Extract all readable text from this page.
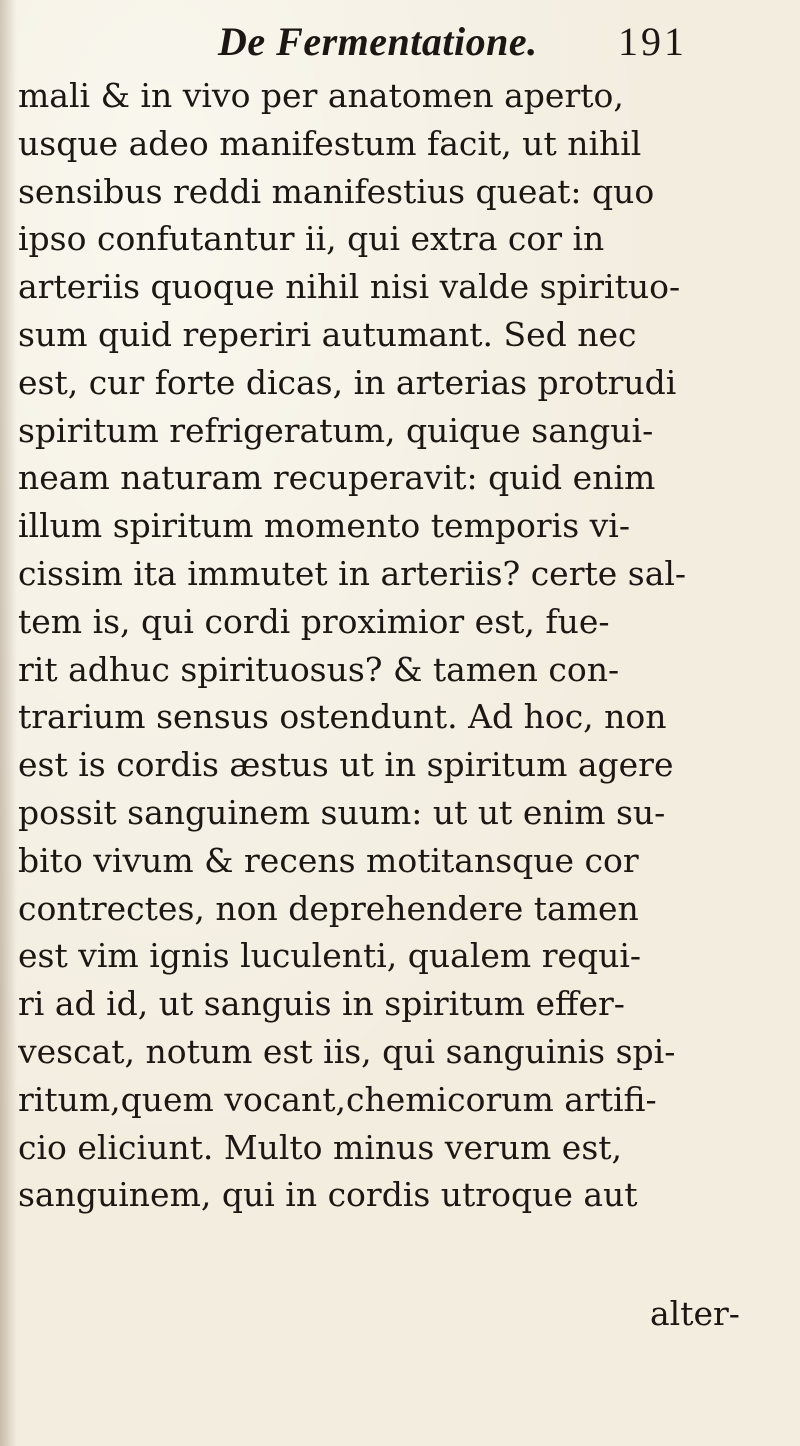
De Fermentatione. 191
mali & in vivo per anatomen aperto,
usque adeo manifestum facit, ut nihil
sensibus reddi manifestius queat: quo
ipso confutantur ii, qui extra cor in
arteriis quoque nihil nisi valde spirituo-
sum quid reperiri autumant. Sed nec
est, cur forte dicas, in arterias protrudi
spiritum refrigeratum, quique sangui-
neam naturam recuperavit: quid enim
illum spiritum momento temporis vi-
cissim ita immutet in arteriis? certe sal-
tem is, qui cordi proximior est, fue-
rit adhuc spirituosus? & tamen con-
trarium sensus ostendunt. Ad hoc, non
est is cordis æstus ut in spiritum agere
possit sanguinem suum: ut ut enim su-
bito vivum & recens motitansque cor
contrectes, non deprehendere tamen
est vim ignis luculenti, qualem requi-
ri ad id, ut sanguis in spiritum effer-
vescat, notum est iis, qui sanguinis spi-
ritum,quem vocant,chemicorum artifi-
cio eliciunt. Multo minus verum est,
sanguinem, qui in cordis utroque aut
alter-
